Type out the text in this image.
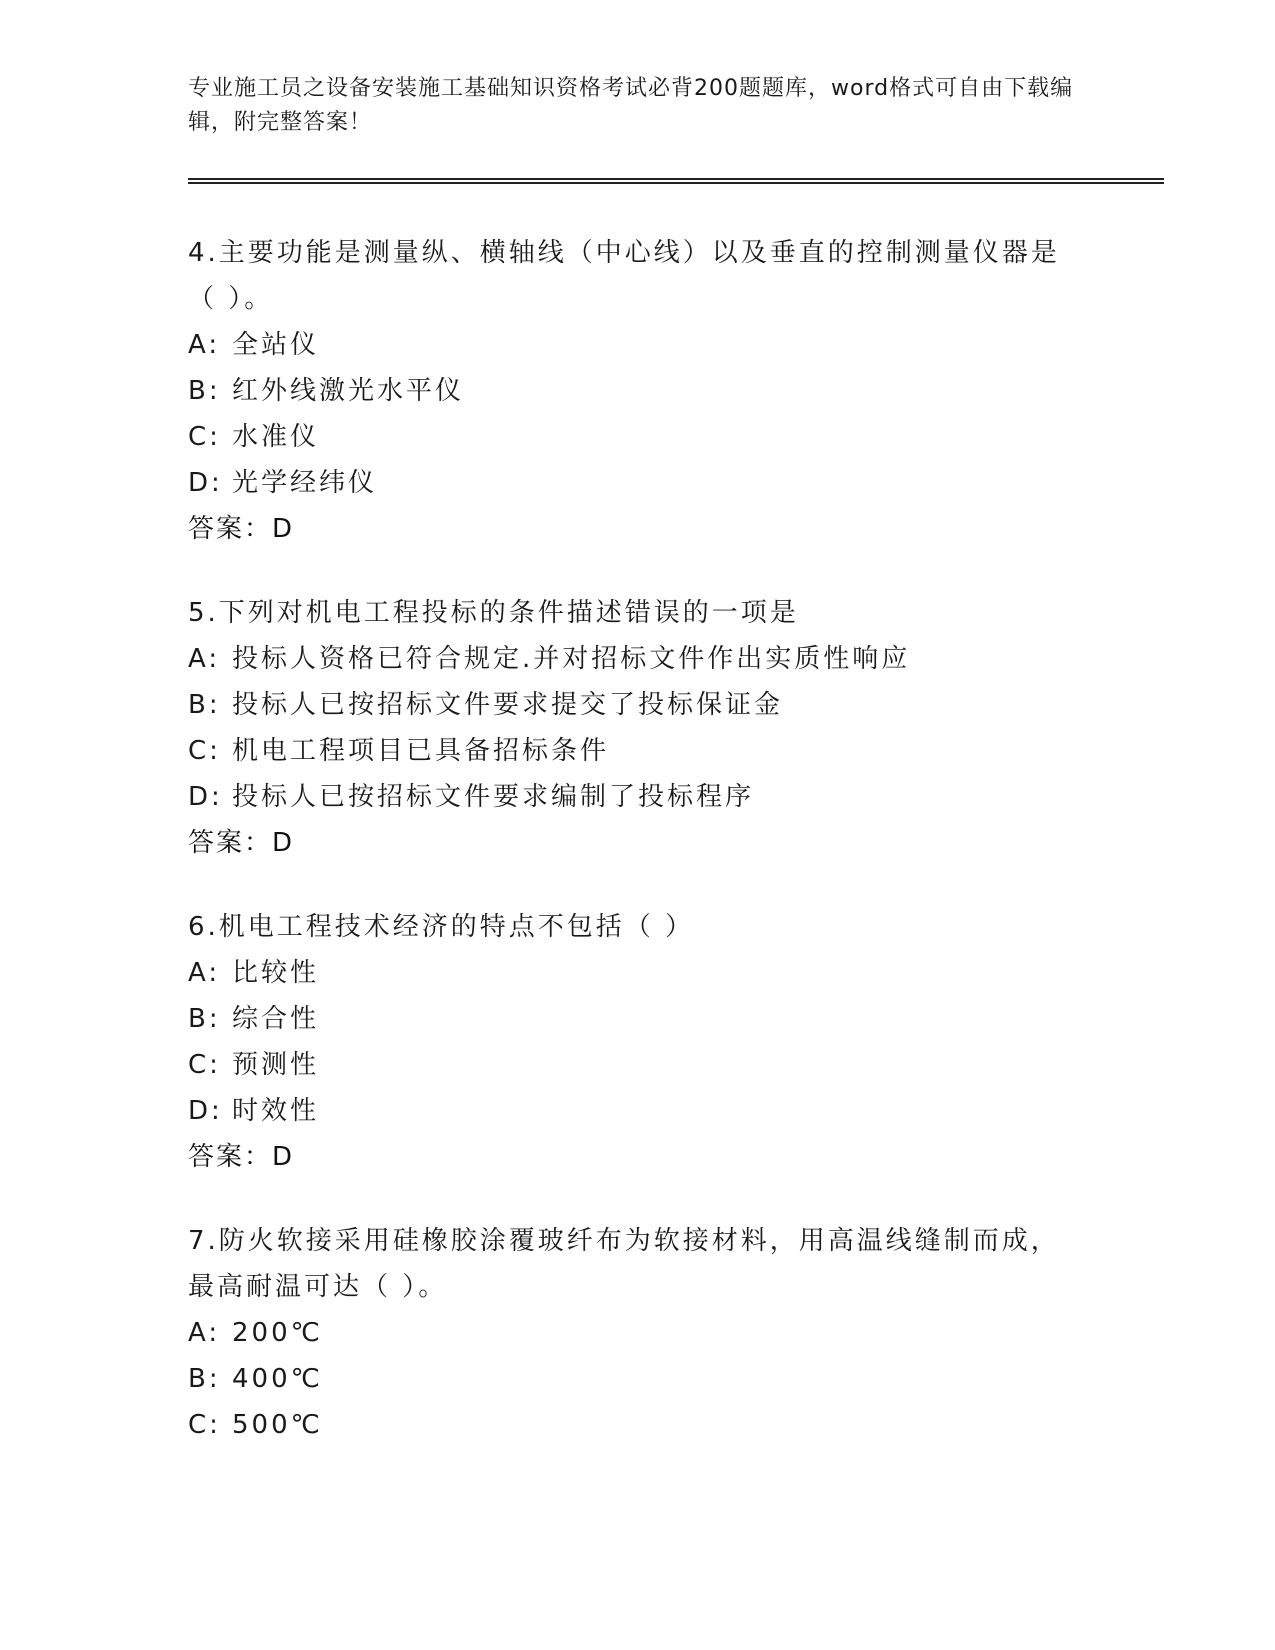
专业施工员之设备安装施工基础知识资格考试必背200题题库，word格式可自由下载编辑，附完整答案！
4.主要功能是测量纵、横轴线（中心线）以及垂直的控制测量仪器是（ ）。
A: 全站仪
B: 红外线激光水平仪
C: 水准仪
D: 光学经纬仪
答案：D
5.下列对机电工程投标的条件描述错误的一项是
A: 投标人资格已符合规定.并对招标文件作出实质性响应
B: 投标人已按招标文件要求提交了投标保证金
C: 机电工程项目已具备招标条件
D: 投标人已按招标文件要求编制了投标程序
答案：D
6.机电工程技术经济的特点不包括（ ）
A: 比较性
B: 综合性
C: 预测性
D: 时效性
答案：D
7.防火软接采用硅橡胶涂覆玻纤布为软接材料，用高温线缝制而成，最高耐温可达（ ）。
A: 200℃
B: 400℃
C: 500℃
